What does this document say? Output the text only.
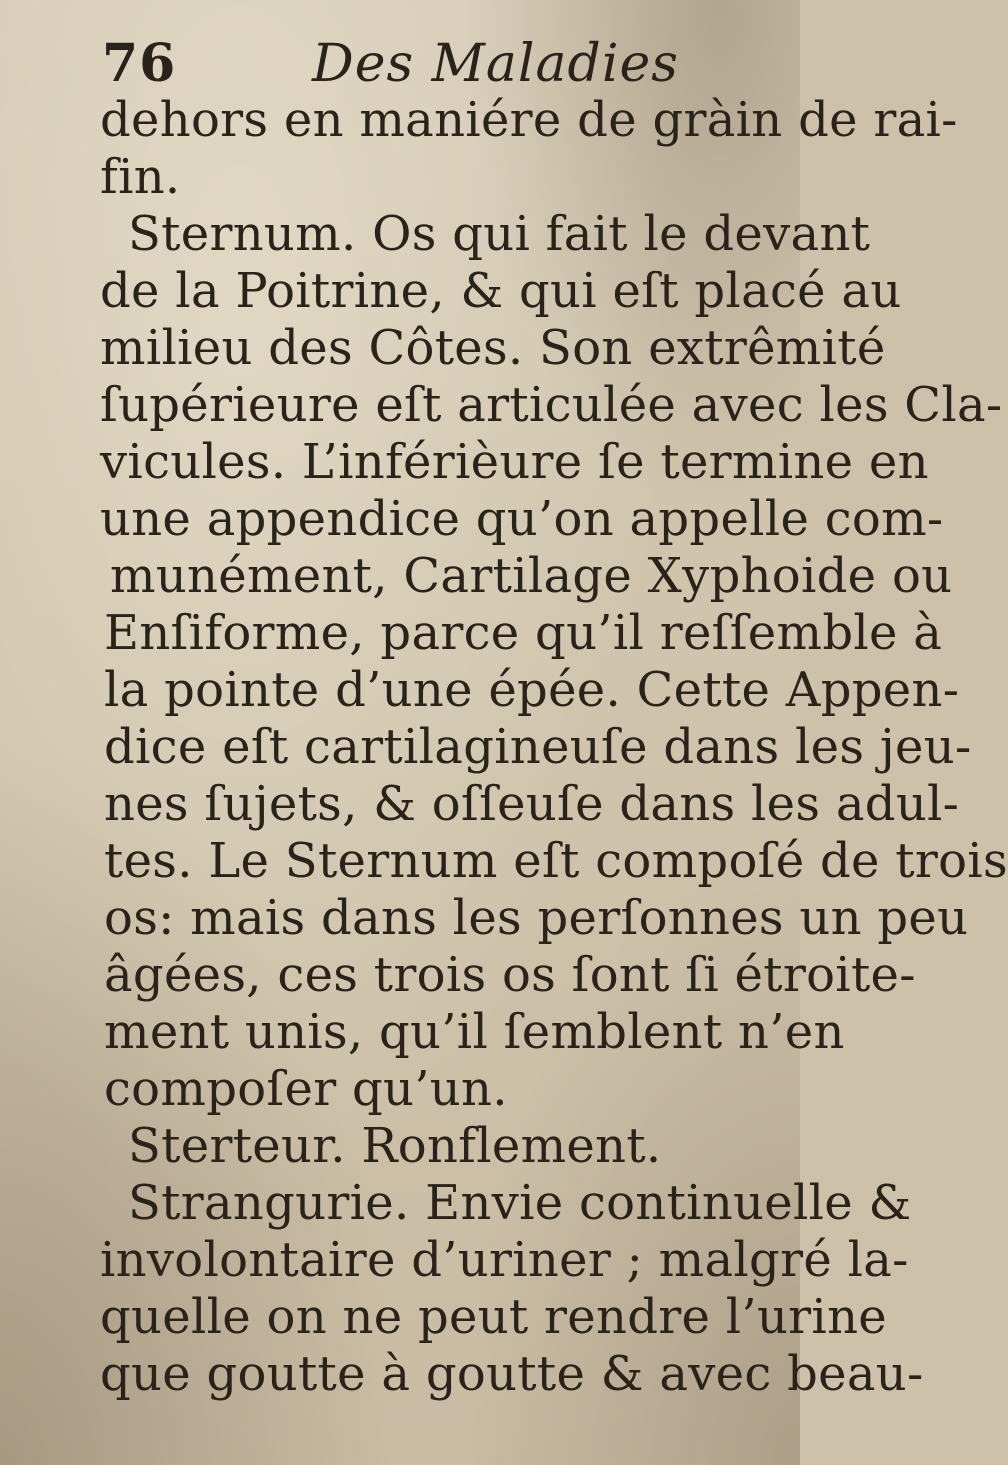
76	Des Maladies
dehors en maniére de gràin de rai-
fin.
Sternum. Os qui fait le devant
de la Poitrine, & qui eſt placé au
milieu des Côtes. Son extrêmité
ſupérieure eſt articulée avec les Cla-
vicules. L’inférièure ſe termine en
une appendice qu’on appelle com-
munément, Cartilage Xyphoide ou
Enſiforme, parce qu’il reſſemble à
la pointe d’une épée. Cette Appen-
dice eſt cartilagineuſe dans les jeu-
nes ſujets, & oſſeuſe dans les adul-
tes. Le Sternum eſt compoſé de trois
os: mais dans les perſonnes un peu
âgées, ces trois os ſont ſi étroite-
ment unis, qu’il ſemblent n’en
compoſer qu’un.
Sterteur. Ronflement.
Strangurie. Envie continuelle &
involontaire d’uriner ; malgré la-
quelle on ne peut rendre l’urine
que goutte à goutte & avec beau-
